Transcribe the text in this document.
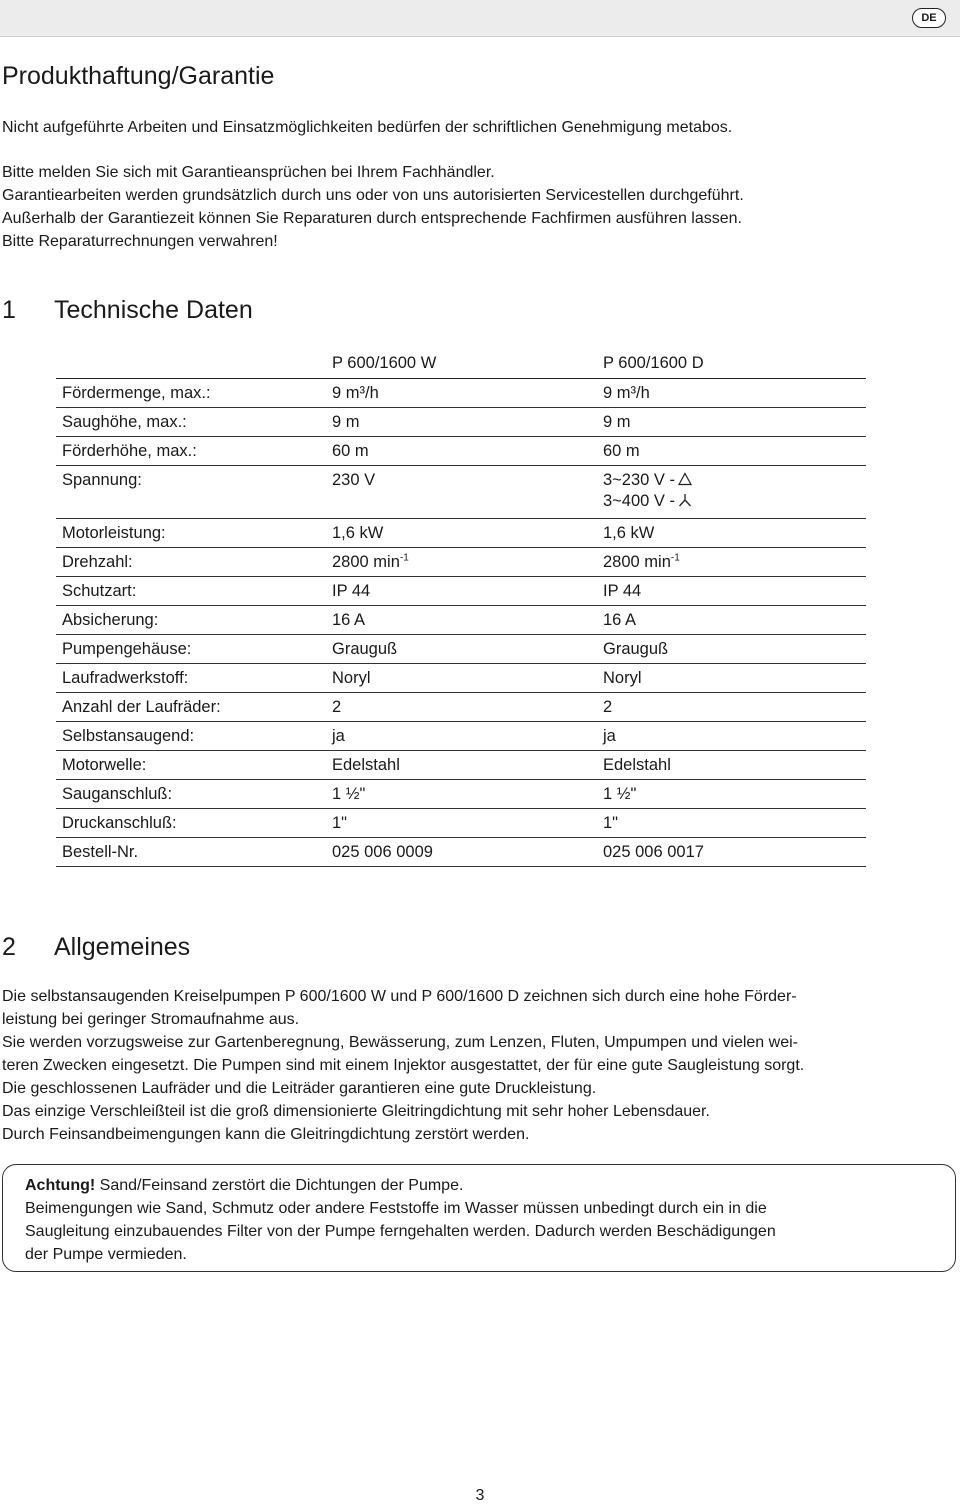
DE
Produkthaftung/Garantie

Nicht aufgeführte Arbeiten und Einsatzmöglichkeiten bedürfen der schriftlichen Genehmigung metabos.

Bitte melden Sie sich mit Garantieansprüchen bei Ihrem Fachhändler.
Garantiearbeiten werden grundsätzlich durch uns oder von uns autorisierten Servicestellen durchgeführt.
Außerhalb der Garantiezeit können Sie Reparaturen durch entsprechende Fachfirmen ausführen lassen.
Bitte Reparaturrechnungen verwahren!

1 Technische Daten
	P 600/1600 W	P 600/1600 D
Fördermenge, max.:	9 m³/h	9 m³/h
Saughöhe, max.:	9 m	9 m
Förderhöhe, max.:	60 m	60 m
Spannung:	230 V	3~230 V -
3~400 V -

Motorleistung:	1,6 kW	1,6 kW
Drehzahl:	2800 $\min^{-1}$	2800 $\min^{-1}$
Schutzart:	IP 44	IP 44
Absicherung:	16 A	16 A
Pumpengehäuse:	Grauguß	Grauguß
Laufradwerkstoff:	Noryl	Noryl
Anzahl der Laufräder:	2	2
Selbstansaugend:	ja	ja
Motorwelle:	Edelstahl	Edelstahl
Sauganschluß:	1 ½"	1 ½"
Druckanschluß:	1"	1"
Bestell-Nr.	025 006 0009	025 006 0017
2 Allgemeines

Die selbstansaugenden Kreiselpumpen P 600/1600 W und P 600/1600 D zeichnen sich durch eine hohe Förder-
leistung bei geringer Stromaufnahme aus.
Sie werden vorzugsweise zur Gartenberegnung, Bewässerung, zum Lenzen, Fluten, Umpumpen und vielen wei-
teren Zwecken eingesetzt. Die Pumpen sind mit einem Injektor ausgestattet, der für eine gute Saugleistung sorgt.
Die geschlossenen Laufräder und die Leiträder garantieren eine gute Druckleistung.
Das einzige Verschleißteil ist die groß dimensionierte Gleitringdichtung mit sehr hoher Lebensdauer.
Durch Feinsandbeimengungen kann die Gleitringdichtung zerstört werden.

Achtung! Sand/Feinsand zerstört die Dichtungen der Pumpe.
Beimengungen wie Sand, Schmutz oder andere Feststoffe im Wasser müssen unbedingt durch ein in die
Saugleitung einzubauendes Filter von der Pumpe ferngehalten werden. Dadurch werden Beschädigungen
der Pumpe vermieden.

3
